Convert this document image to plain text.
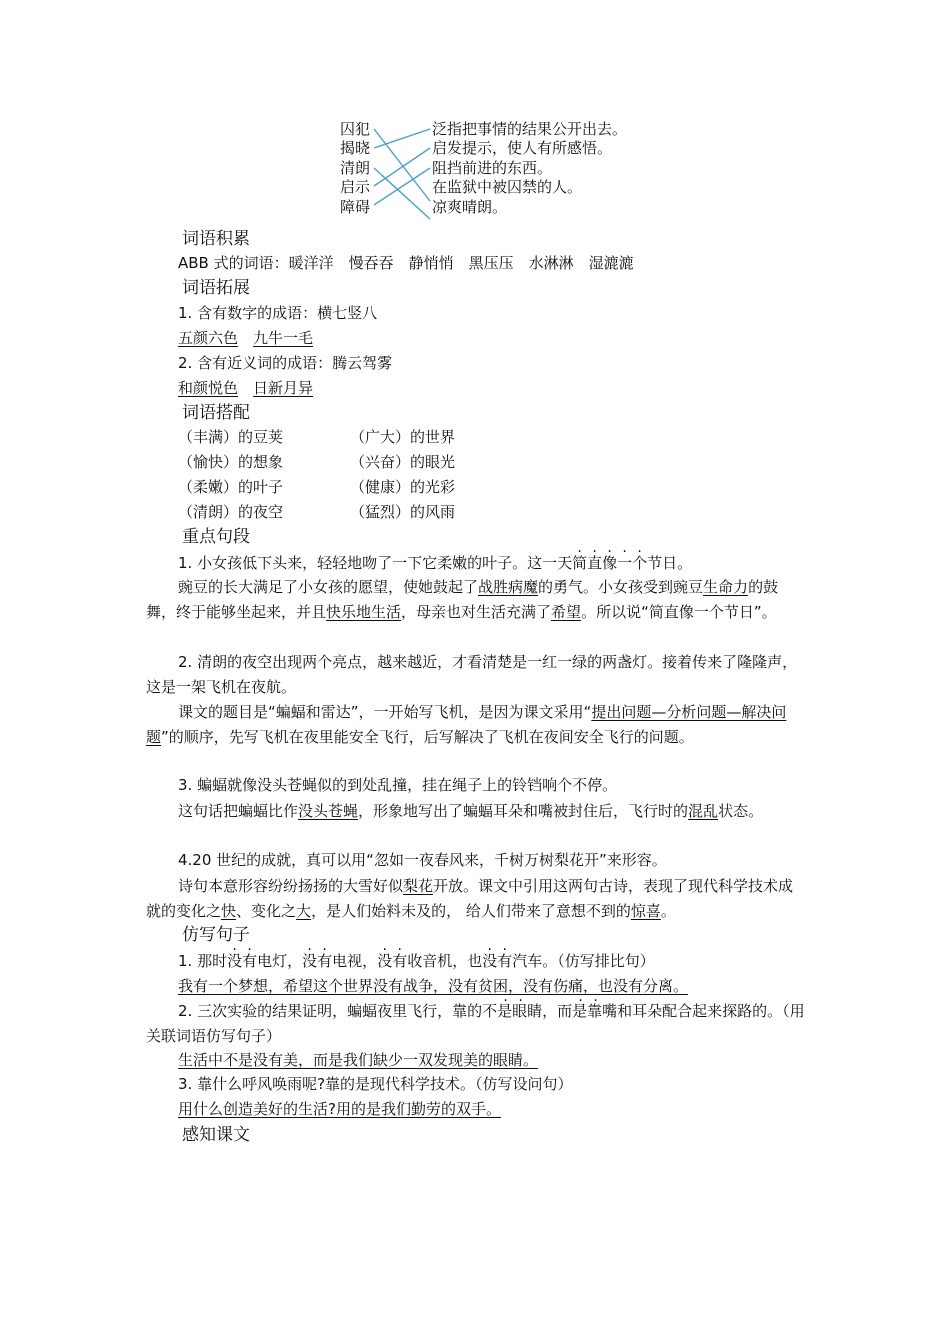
囚犯
揭晓
清朗
启示
障碍
泛指把事情的结果公开出去。
启发提示，使人有所感悟。
阻挡前进的东西。
在监狱中被囚禁的人。
凉爽晴朗。
词语积累
ABB 式的词语：暖洋洋　慢吞吞　静悄悄　黑压压　水淋淋　湿漉漉
词语拓展
1. 含有数字的成语：横七竖八
五颜六色　 九牛一毛
2. 含有近义词的成语：腾云驾雾
和颜悦色　 日新月异
词语搭配
（丰满）的豆荚
（愉快）的想象
（柔嫩）的叶子
（清朗）的夜空
（广大）的世界
（兴奋）的眼光
（健康）的光彩
（猛烈）的风雨
重点句段
1. 小女孩低下头来，轻轻地吻了一下它柔嫩的叶子。这一天简直像一个节日。
豌豆的长大满足了小女孩的愿望，使她鼓起了战胜病魔的勇气。小女孩受到豌豆生命力的鼓舞，终于能够坐起来，并且快乐地生活，母亲也对生活充满了希望。所以说“简直像一个节日”。
2. 清朗的夜空出现两个亮点，越来越近，才看清楚是一红一绿的两盏灯。接着传来了隆隆声，这是一架飞机在夜航。
课文的题目是“蝙蝠和雷达”，一开始写飞机，是因为课文采用“提出问题—分析问题—解决问题”的顺序，先写飞机在夜里能安全飞行，后写解决了飞机在夜间安全飞行的问题。
3. 蝙蝠就像没头苍蝇似的到处乱撞，挂在绳子上的铃铛响个不停。
这句话把蝙蝠比作没头苍蝇，形象地写出了蝙蝠耳朵和嘴被封住后，飞行时的混乱状态。
4.20 世纪的成就，真可以用“忽如一夜春风来，千树万树梨花开”来形容。
诗句本意形容纷纷扬扬的大雪好似梨花开放。课文中引用这两句古诗，表现了现代科学技术成就的变化之快、变化之大，是人们始料未及的， 给人们带来了意想不到的惊喜。
仿写句子
1. 那时没有电灯，没有电视，没有收音机，也没有汽车。（仿写排比句）
我有一个梦想，希望这个世界没有战争，没有贫困，没有伤痛，也没有分离。
2. 三次实验的结果证明，蝙蝠夜里飞行，靠的不是眼睛，而是靠嘴和耳朵配合起来探路的。（用关联词语仿写句子）
生活中不是没有美，而是我们缺少一双发现美的眼睛。
3. 靠什么呼风唤雨呢?靠的是现代科学技术。（仿写设问句）
用什么创造美好的生活?用的是我们勤劳的双手。
感知课文
